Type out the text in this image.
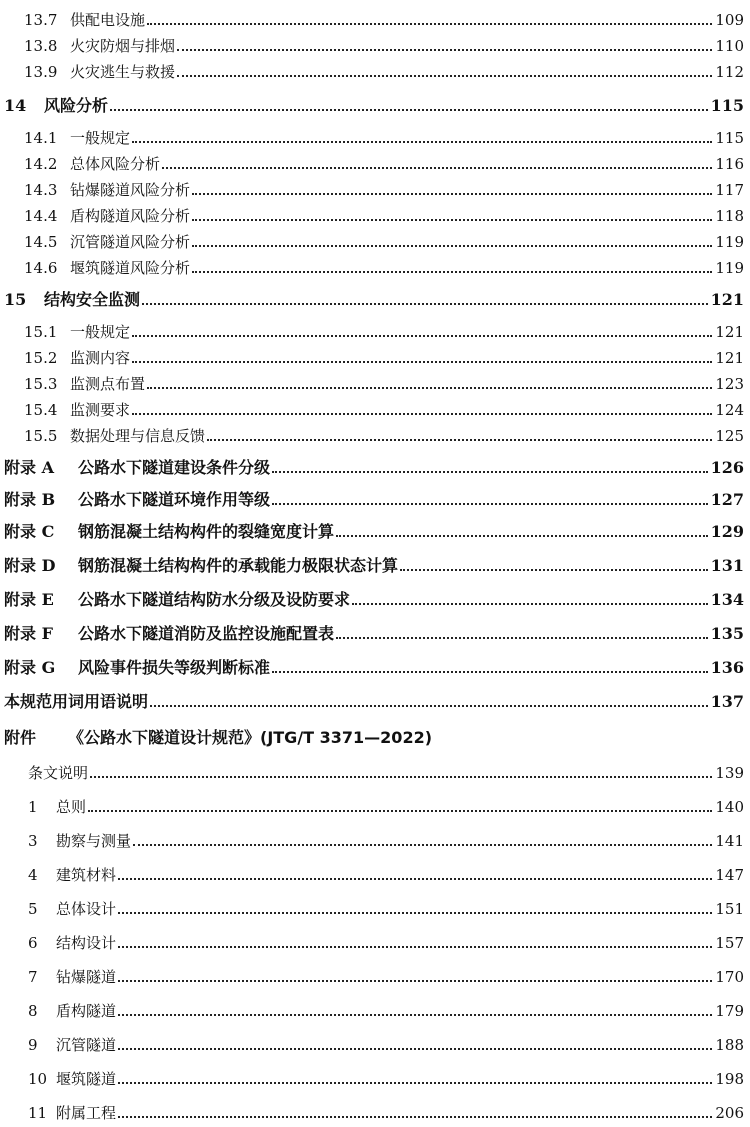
13.7 供配电设施	109
13.8 火灾防烟与排烟	110
13.9 火灾逃生与救援	112
14	风险分析	115
14.1 一般规定	115
14.2 总体风险分析	116
14.3 钻爆隧道风险分析	117
14.4 盾构隧道风险分析	118
14.5 沉管隧道风险分析	119
14.6 堰筑隧道风险分析	119
15	结构安全监测	121
15.1 一般规定	121
15.2 监测内容	121
15.3 监测点布置	123
15.4 监测要求	124
15.5 数据处理与信息反馈	125
附录 A	公路水下隧道建设条件分级	126
附录 B	公路水下隧道环境作用等级	127
附录 C	钢筋混凝土结构构件的裂缝宽度计算	129
附录 D	钢筋混凝土结构构件的承载能力极限状态计算	131
附录 E	公路水下隧道结构防水分级及设防要求	134
附录 F	公路水下隧道消防及监控设施配置表	135
附录 G	风险事件损失等级判断标准	136
本规范用词用语说明	137
附件	《公路水下隧道设计规范》(JTG/T 3371—2022)
条文说明	139
1	总则	140
3	勘察与测量	141
4	建筑材料	147
5	总体设计	151
6	结构设计	157
7	钻爆隧道	170
8	盾构隧道	179
9	沉管隧道	188
10 堰筑隧道	198
11 附属工程	206
